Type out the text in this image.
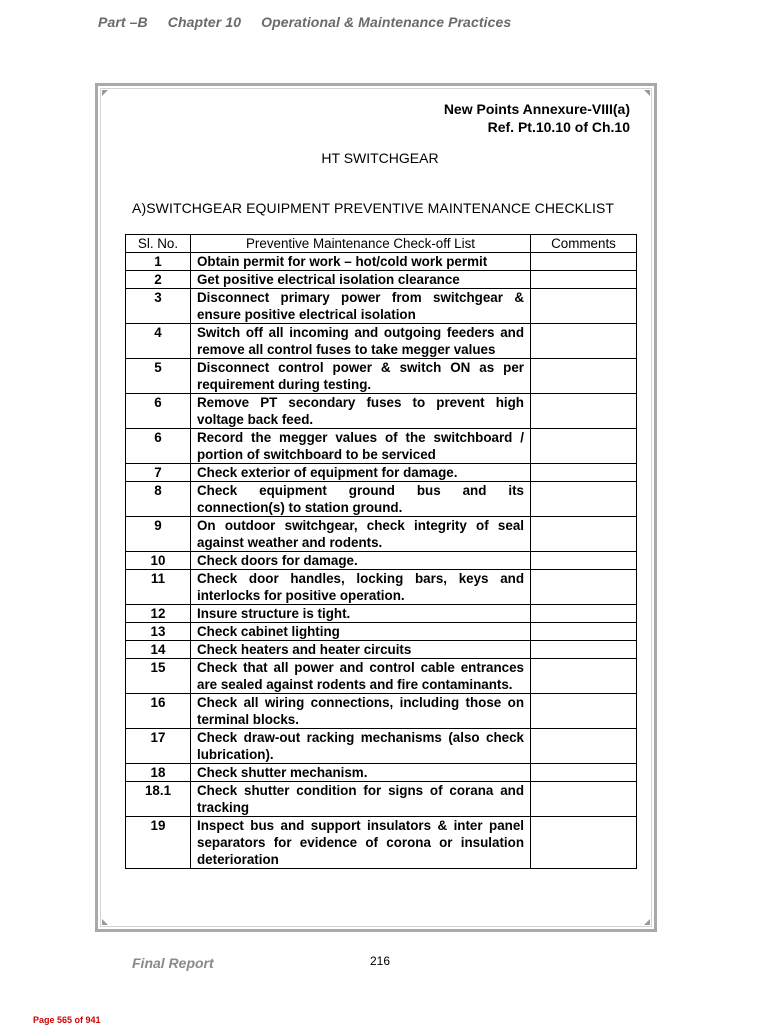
Part –B Chapter 10 Operational & Maintenance Practices
New Points Annexure-VIII(a)
Ref. Pt.10.10 of Ch.10
HT SWITCHGEAR
A)SWITCHGEAR EQUIPMENT PREVENTIVE MAINTENANCE CHECKLIST
Sl. No.	Preventive Maintenance Check-off List	Comments
1	Obtain permit for work – hot/cold work permit	
2	Get positive electrical isolation clearance	
3	Disconnect primary power from switchgear & ensure positive electrical isolation	
4	Switch off all incoming and outgoing feeders and remove all control fuses to take megger values	
5	Disconnect control power & switch ON as per requirement during testing.	
6	Remove PT secondary fuses to prevent high voltage back feed.	
6	Record the megger values of the switchboard / portion of switchboard to be serviced	
7	Check exterior of equipment for damage.	
8	Check equipment ground bus and its connection(s) to station ground.	
9	On outdoor switchgear, check integrity of seal against weather and rodents.	
10	Check doors for damage.	
11	Check door handles, locking bars, keys and interlocks for positive operation.	
12	Insure structure is tight.	
13	Check cabinet lighting	
14	Check heaters and heater circuits	
15	Check that all power and control cable entrances are sealed against rodents and fire contaminants.	
16	Check all wiring connections, including those on terminal blocks.	
17	Check draw-out racking mechanisms (also check lubrication).	
18	Check shutter mechanism.	
18.1	Check shutter condition for signs of corana and tracking	
19	Inspect bus and support insulators & inter panel separators for evidence of corona or insulation deterioration	
Final Report	216
Page 565 of 941
